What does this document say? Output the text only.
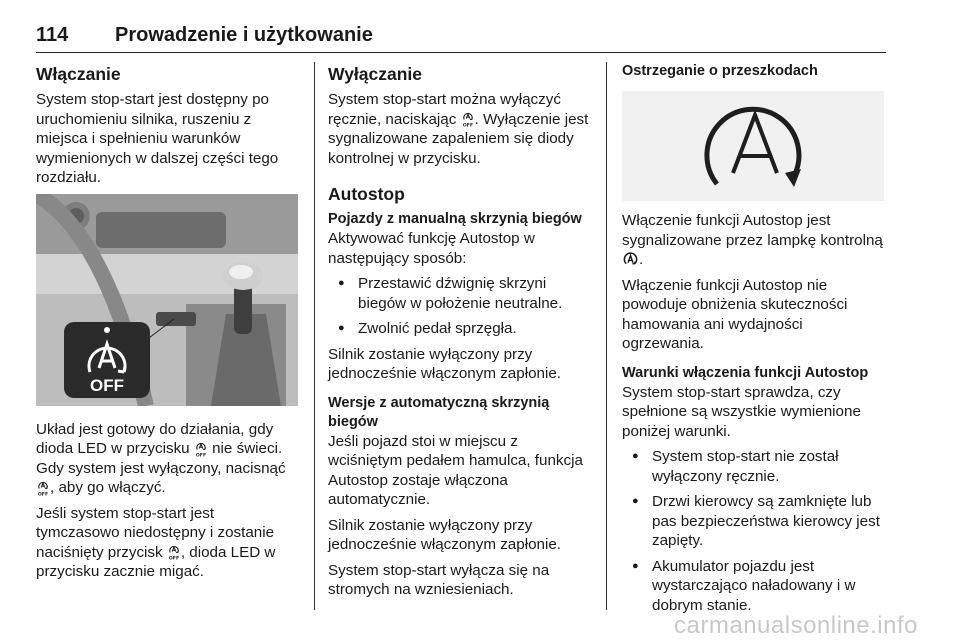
114 Prowadzenie i użytkowanie
Włączanie

System stop-start jest dostępny po uruchomieniu silnika, ruszeniu z miejsca i spełnieniu warunków wymienionych w dalszej części tego rozdziału.

OFF

Układ jest gotowy do działania, gdy dioda LED w przycisku nie świeci. Gdy system jest wyłączony, nacisnąć , aby go włączyć.

Jeśli system stop-start jest tymczasowo niedostępny i zostanie naciśnięty przycisk , dioda LED w przycisku zacznie migać.

Wyłączanie

System stop-start można wyłączyć ręcznie, naciskając . Wyłączenie jest sygnalizowane zapaleniem się diody kontrolnej w przycisku.

Autostop
Pojazdy z manualną skrzynią biegów

Aktywować funkcję Autostop w następujący sposób:

● Przestawić dźwignię skrzyni biegów w położenie neutralne.
● Zwolnić pedał sprzęgła.

Silnik zostanie wyłączony przy jednocześnie włączonym zapłonie.

Wersje z automatyczną skrzynią biegów

Jeśli pojazd stoi w miejscu z wciśniętym pedałem hamulca, funkcja Autostop zostaje włączona automatycznie.

Silnik zostanie wyłączony przy jednocześnie włączonym zapłonie.

System stop-start wyłącza się na stromych na wzniesieniach.

Ostrzeganie o przeszkodach

Włączenie funkcji Autostop jest sygnalizowane przez lampkę kontrolną .

Włączenie funkcji Autostop nie powoduje obniżenia skuteczności hamowania ani wydajności ogrzewania.

Warunki włączenia funkcji Autostop

System stop-start sprawdza, czy spełnione są wszystkie wymienione poniżej warunki.

● System stop-start nie został wyłączony ręcznie.
● Drzwi kierowcy są zamknięte lub pas bezpieczeństwa kierowcy jest zapięty.
● Akumulator pojazdu jest wystarczająco naładowany i w dobrym stanie.
carmanualsonline.info
